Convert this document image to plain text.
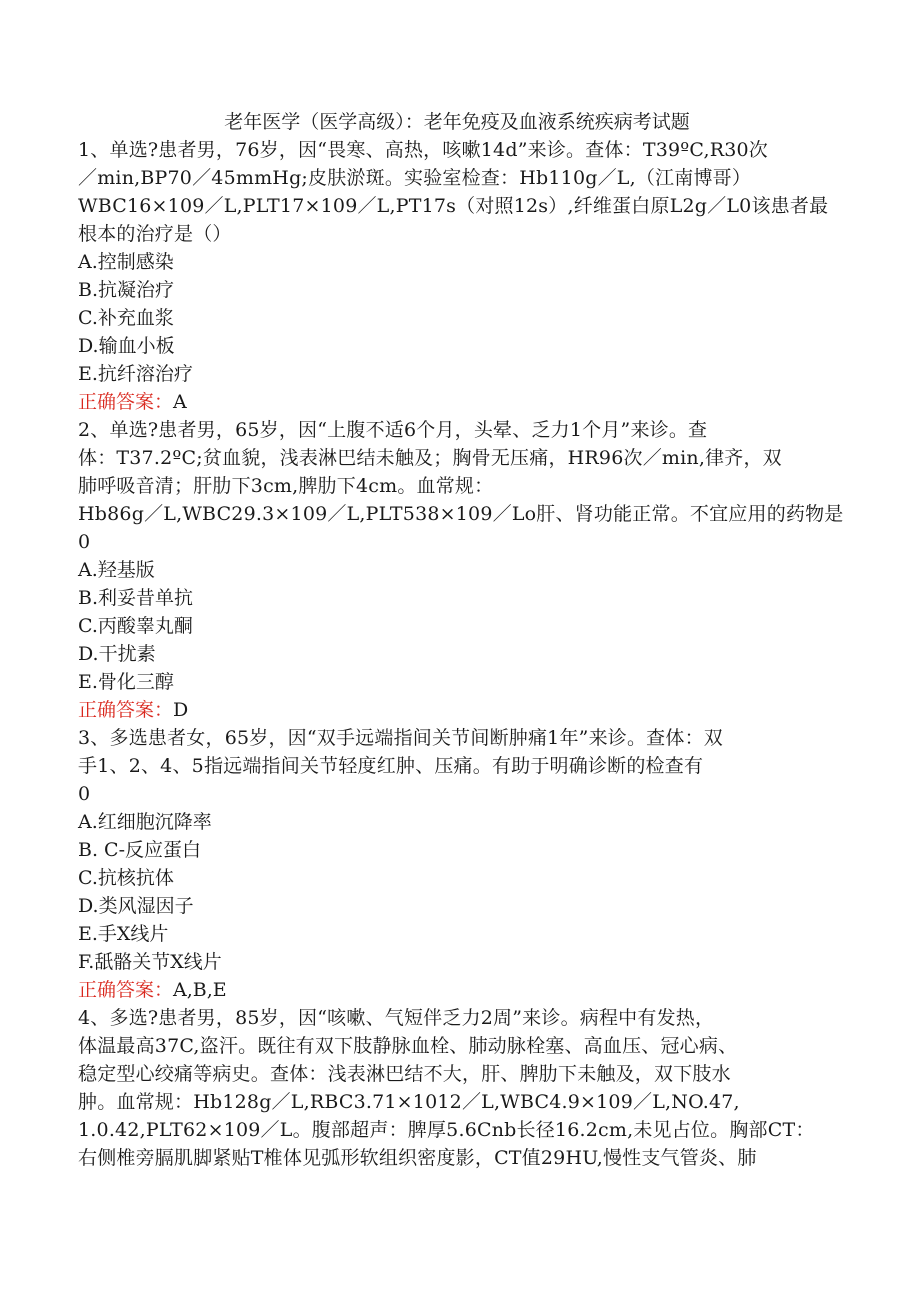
老年医学（医学高级）：老年免疫及血液系统疾病考试题
1、单选?患者男，76岁，因“畏寒、高热，咳嗽14d”来诊。查体：T39ºC,R30次
／min,BP70／45mmHg;皮肤淤斑。实验室检查：Hb110g／L,（江南博哥）
WBC16×109／L,PLT17×109／L,PT17s（对照12s）,纤维蛋白原L2g／L0该患者最
根本的治疗是（）
A.控制感染
B.抗凝治疗
C.补充血浆
D.输血小板
E.抗纤溶治疗
正确答案：A
2、单选?患者男，65岁，因“上腹不适6个月，头晕、乏力1个月”来诊。查
体：T37.2ºC;贫血貌，浅表淋巴结未触及；胸骨无压痛，HR96次／min,律齐，双
肺呼吸音清；肝肋下3cm,脾肋下4cm。血常规：
Hb86g／L,WBC29.3×109／L,PLT538×109／Lo肝、肾功能正常。不宜应用的药物是
0
A.羟基版
B.利妥昔单抗
C.丙酸睾丸酮
D.干扰素
E.骨化三醇
正确答案：D
3、多选患者女，65岁，因“双手远端指间关节间断肿痛1年”来诊。查体：双
手1、2、4、5指远端指间关节轻度红肿、压痛。有助于明确诊断的检查有
0
A.红细胞沉降率
B. C-反应蛋白
C.抗核抗体
D.类风湿因子
E.手X线片
F.舐骼关节X线片
正确答案：A,B,E
4、多选?患者男，85岁，因“咳嗽、气短伴乏力2周”来诊。病程中有发热，
体温最高37C,盗汗。既往有双下肢静脉血栓、肺动脉栓塞、高血压、冠心病、
稳定型心绞痛等病史。查体：浅表淋巴结不大，肝、脾肋下未触及，双下肢水
肿。血常规：Hb128g／L,RBC3.71×1012／L,WBC4.9×109／L,NO.47,
1.0.42,PLT62×109／L。腹部超声：脾厚5.6Cnb长径16.2cm,未见占位。胸部CT：
右侧椎旁膈肌脚紧贴T椎体见弧形软组织密度影，CT值29HU,慢性支气管炎、肺
